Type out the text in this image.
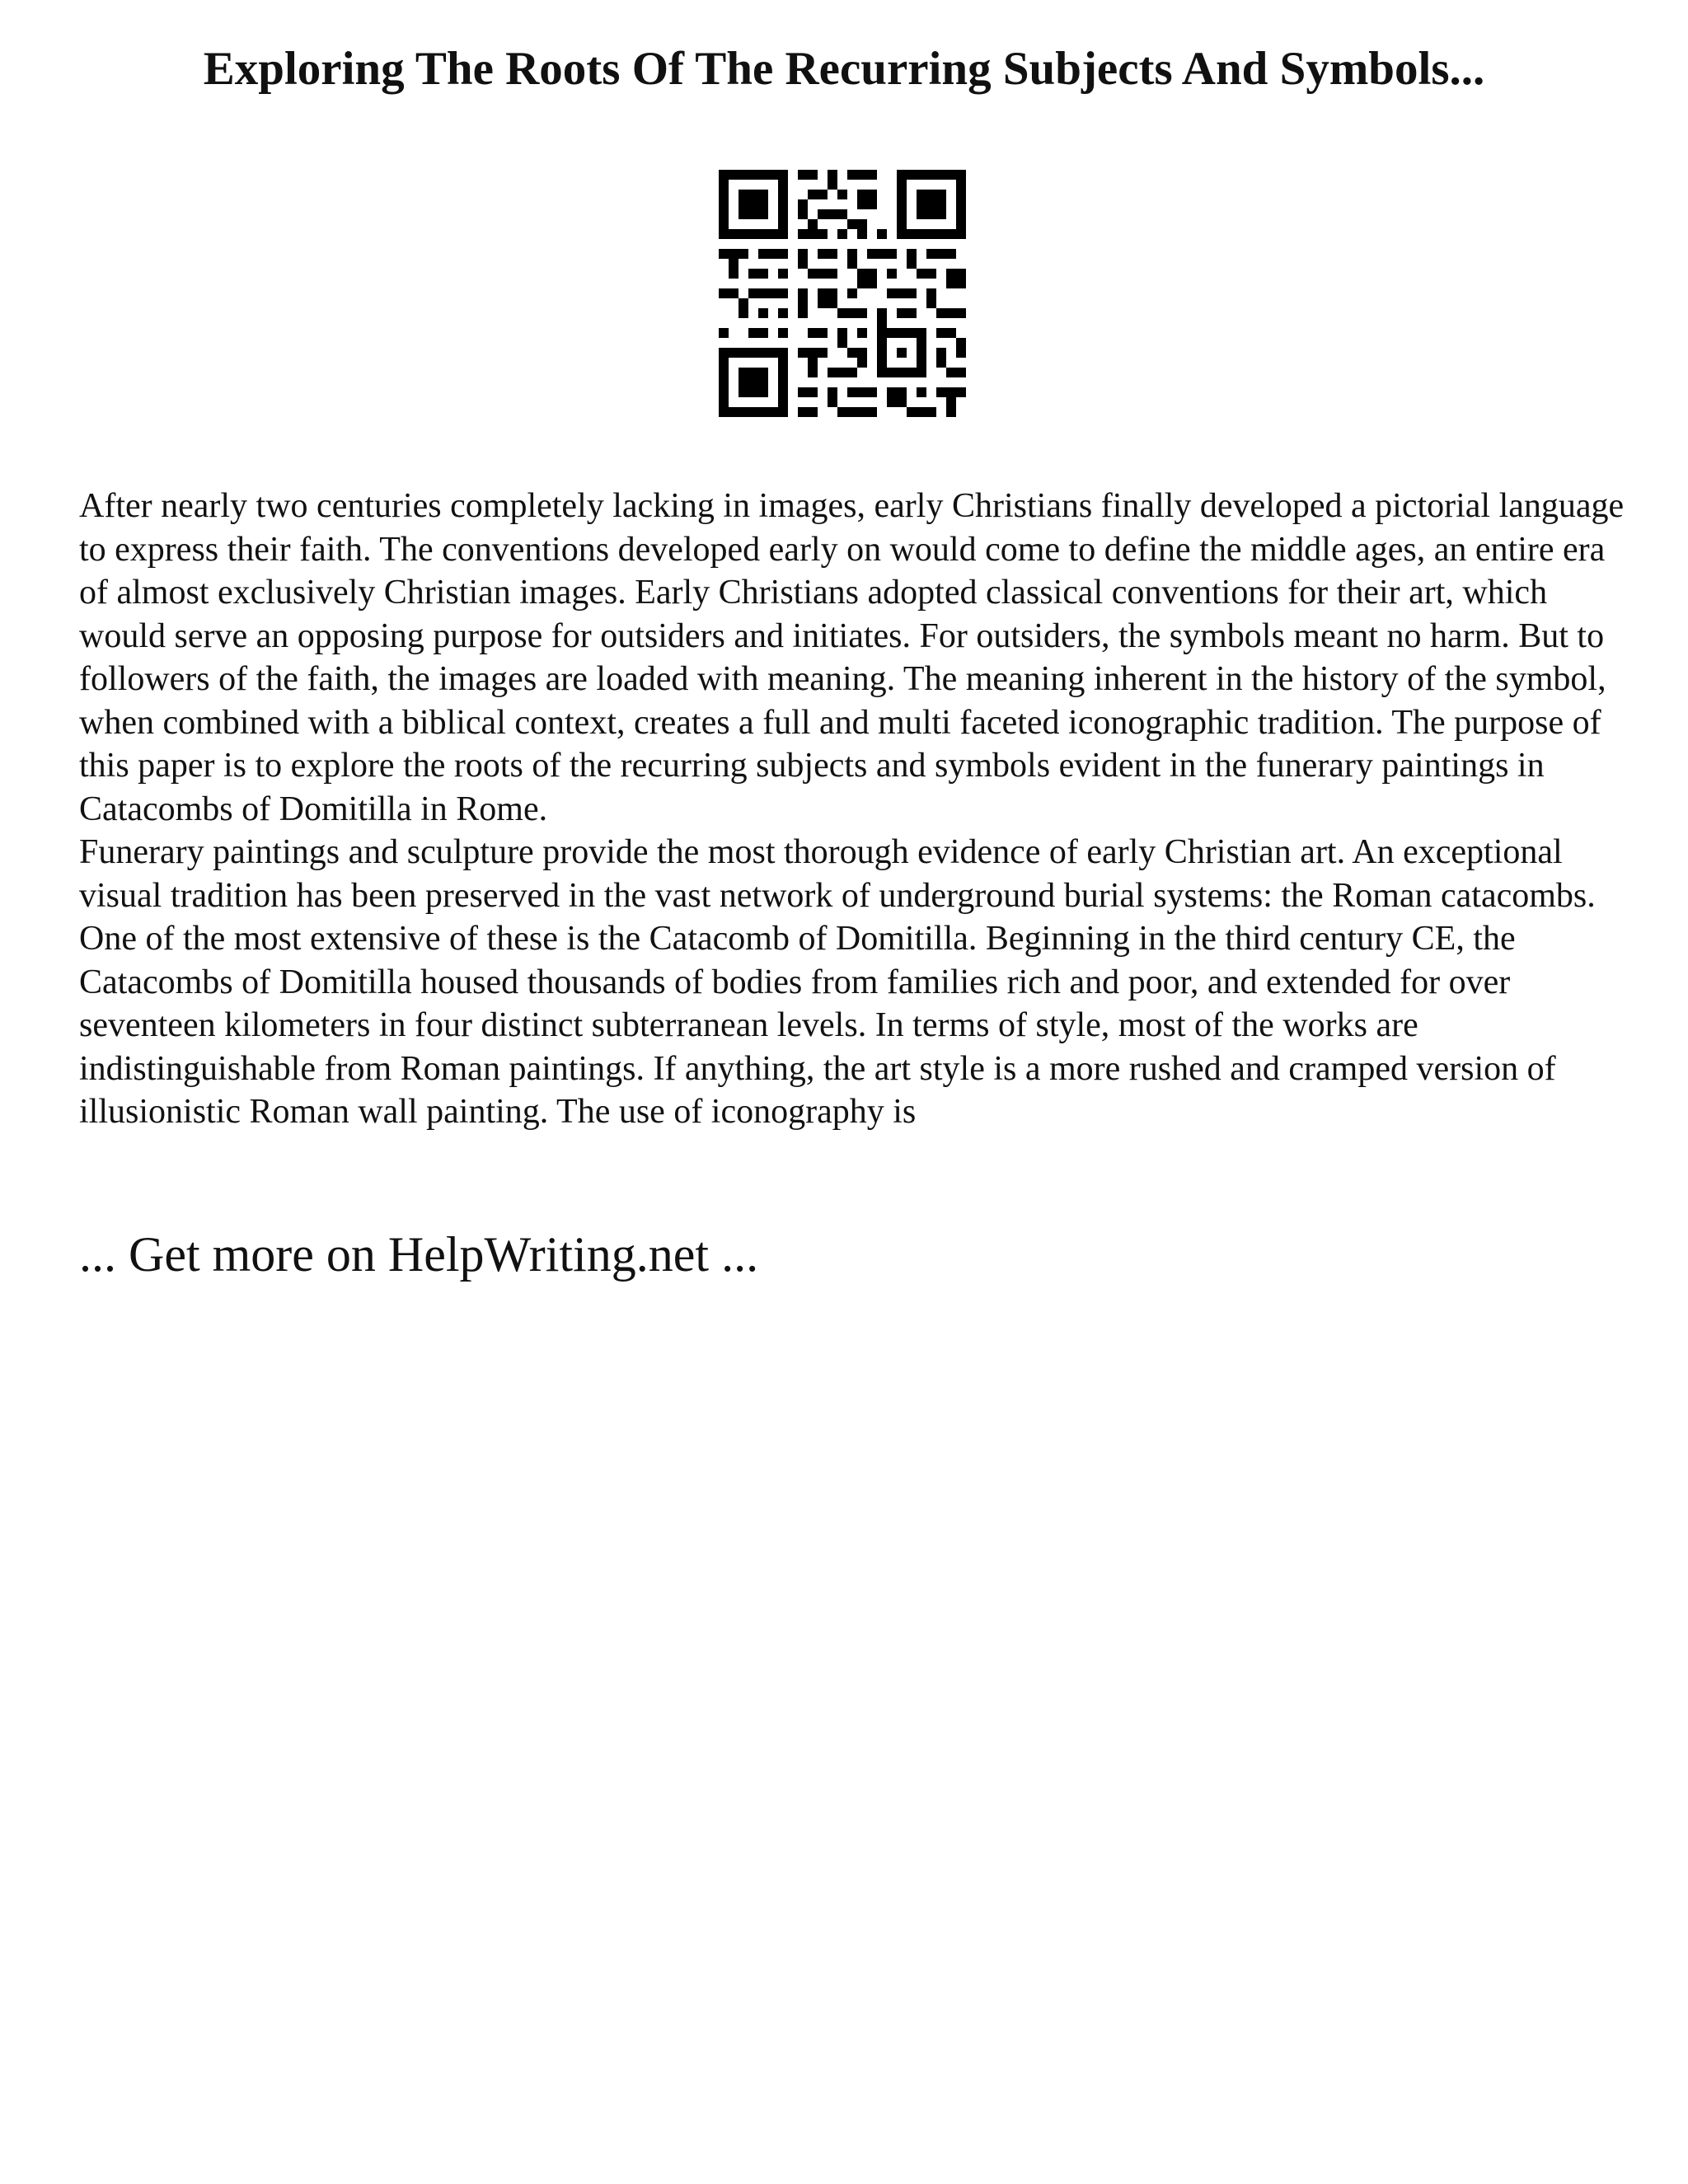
Exploring The Roots Of The Recurring Subjects And Symbols...

After nearly two centuries completely lacking in images, early Christians finally developed a pictorial language to express their faith. The conventions developed early on would come to define the middle ages, an entire era of almost exclusively Christian images. Early Christians adopted classical conventions for their art, which would serve an opposing purpose for outsiders and initiates. For outsiders, the symbols meant no harm. But to followers of the faith, the images are loaded with meaning. The meaning inherent in the history of the symbol, when combined with a biblical context, creates a full and multi faceted iconographic tradition. The purpose of this paper is to explore the roots of the recurring subjects and symbols evident in the funerary paintings in Catacombs of Domitilla in Rome.

Funerary paintings and sculpture provide the most thorough evidence of early Christian art. An exceptional visual tradition has been preserved in the vast network of underground burial systems: the Roman catacombs. One of the most extensive of these is the Catacomb of Domitilla. Beginning in the third century CE, the Catacombs of Domitilla housed thousands of bodies from families rich and poor, and extended for over seventeen kilometers in four distinct subterranean levels. In terms of style, most of the works are indistinguishable from Roman paintings. If anything, the art style is a more rushed and cramped version of illusionistic Roman wall painting. The use of iconography is

... Get more on HelpWriting.net ...
